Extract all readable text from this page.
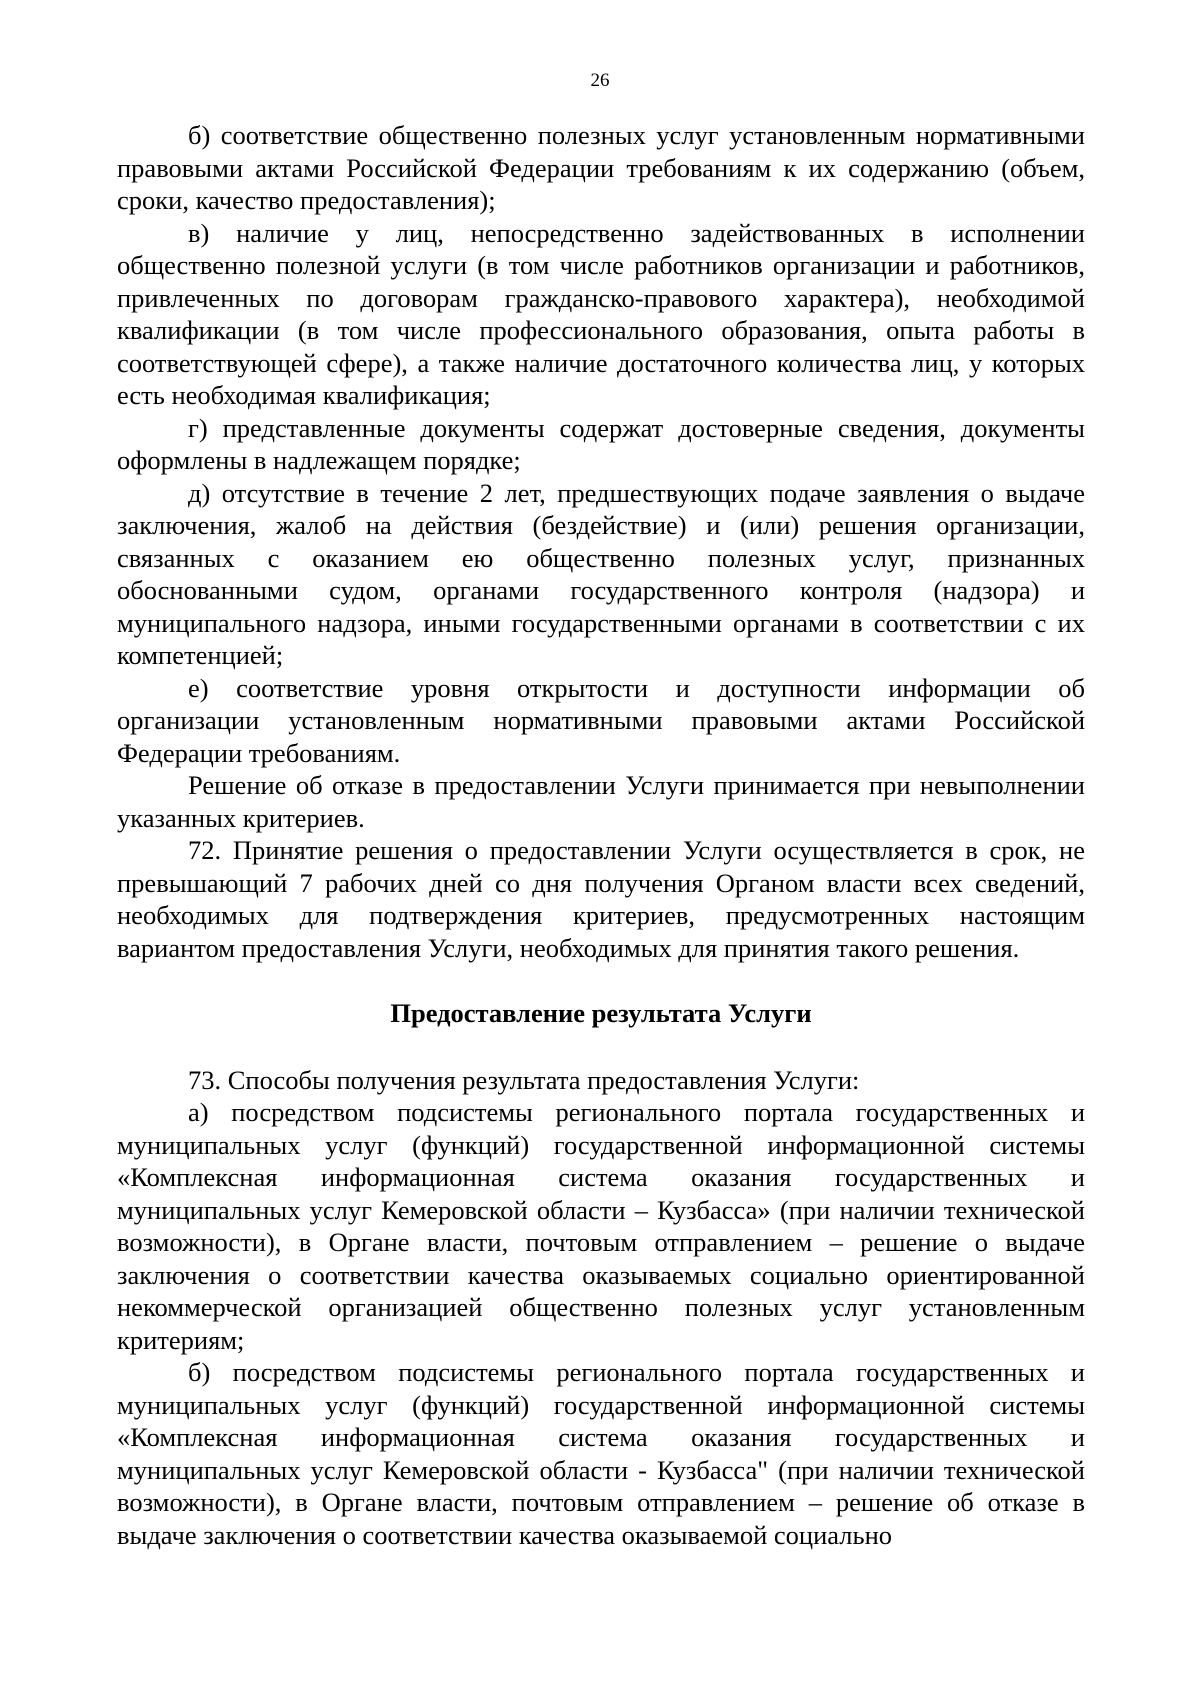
26

б) соответствие общественно полезных услуг установленным нормативными правовыми актами Российской Федерации требованиям к их содержанию (объем, сроки, качество предоставления);

в) наличие у лиц, непосредственно задействованных в исполнении общественно полезной услуги (в том числе работников организации и работников, привлеченных по договорам гражданско-правового характера), необходимой квалификации (в том числе профессионального образования, опыта работы в соответствующей сфере), а также наличие достаточного количества лиц, у которых есть необходимая квалификация;

г) представленные документы содержат достоверные сведения, документы оформлены в надлежащем порядке;

д) отсутствие в течение 2 лет, предшествующих подаче заявления о выдаче заключения, жалоб на действия (бездействие) и (или) решения организации, связанных с оказанием ею общественно полезных услуг, признанных обоснованными судом, органами государственного контроля (надзора) и муниципального надзора, иными государственными органами в соответствии с их компетенцией;

е) соответствие уровня открытости и доступности информации об организации установленным нормативными правовыми актами Российской Федерации требованиям.

Решение об отказе в предоставлении Услуги принимается при невыполнении указанных критериев.

72. Принятие решения о предоставлении Услуги осуществляется в срок, не превышающий 7 рабочих дней со дня получения Органом власти всех сведений, необходимых для подтверждения критериев, предусмотренных настоящим вариантом предоставления Услуги, необходимых для принятия такого решения.

Предоставление результата Услуги

73. Способы получения результата предоставления Услуги:

а) посредством подсистемы регионального портала государственных и муниципальных услуг (функций) государственной информационной системы «Комплексная информационная система оказания государственных и муниципальных услуг Кемеровской области – Кузбасса» (при наличии технической возможности), в Органе власти, почтовым отправлением – решение о выдаче заключения о соответствии качества оказываемых социально ориентированной некоммерческой организацией общественно полезных услуг установленным критериям;

б) посредством подсистемы регионального портала государственных и муниципальных услуг (функций) государственной информационной системы «Комплексная информационная система оказания государственных и муниципальных услуг Кемеровской области - Кузбасса" (при наличии технической возможности), в Органе власти, почтовым отправлением – решение об отказе в выдаче заключения о соответствии качества оказываемой социально
